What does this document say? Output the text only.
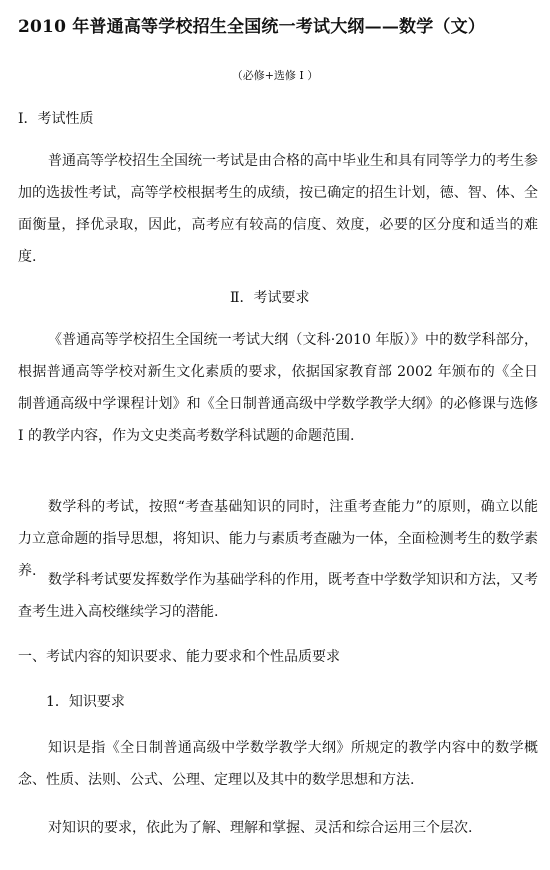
2010 年普通高等学校招生全国统一考试大纲——数学（文）
（必修+选修 I ）
Ⅰ．考试性质
普通高等学校招生全国统一考试是由合格的高中毕业生和具有同等学力的考生参加的选拔性考试，高等学校根据考生的成绩，按已确定的招生计划，德、智、体、全面衡量，择优录取，因此，高考应有较高的信度、效度，必要的区分度和适当的难度.
Ⅱ．考试要求
《普通高等学校招生全国统一考试大纲（文科·2010 年版）》中的数学科部分，根据普通高等学校对新生文化素质的要求，依据国家教育部 2002 年颁布的《全日制普通高级中学课程计划》和《全日制普通高级中学数学教学大纲》的必修课与选修 I 的教学内容，作为文史类高考数学科试题的命题范围.
数学科的考试，按照“考查基础知识的同时，注重考查能力”的原则，确立以能力立意命题的指导思想，将知识、能力与素质考查融为一体，全面检测考生的数学素养.
数学科考试要发挥数学作为基础学科的作用，既考查中学数学知识和方法，又考查考生进入高校继续学习的潜能.
一、考试内容的知识要求、能力要求和个性品质要求
1．知识要求
知识是指《全日制普通高级中学数学教学大纲》所规定的教学内容中的数学概念、性质、法则、公式、公理、定理以及其中的数学思想和方法.
对知识的要求，依此为了解、理解和掌握、灵活和综合运用三个层次.
